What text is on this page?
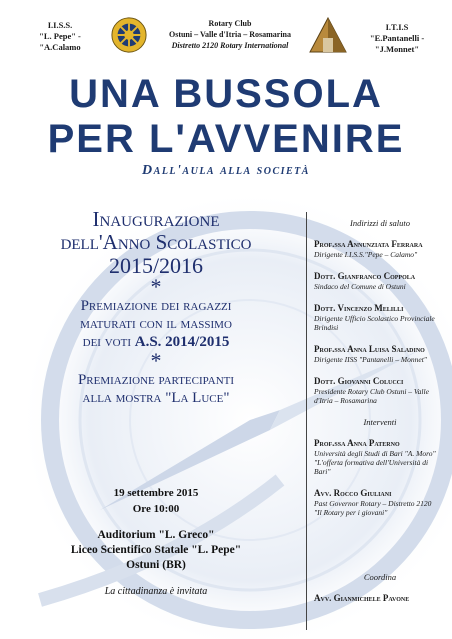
I.I.S.S.
"L. Pepe" -
"A.Calamo
Rotary Club
Ostuni – Valle d'Itria – Rosamarina
Distretto 2120 Rotary International
I.T.I.S
"E.Pantanelli -
"J.Monnet"
UNA BUSSOLA
PER L'AVVENIRE
Dall'aula alla società
Inaugurazione
dell'Anno Scolastico
2015/2016
*
Premiazione dei ragazzi
maturati con il massimo
dei voti A.S. 2014/2015
*
Premiazione partecipanti
alla mostra "La Luce"
19 settembre 2015
Ore 10:00
Auditorium "L. Greco"
Liceo Scientifico Statale "L. Pepe"
Ostuni (BR)
La cittadinanza è invitata
Indirizzi di saluto
Prof.ssa Annunziata Ferrara
Dirigente I.I.S.S."Pepe – Calamo"
Dott. Gianfranco Coppola
Sindaco del Comune di Ostuni
Dott. Vincenzo Melilli
Dirigente Ufficio Scolastico Provinciale Brindisi
Prof.ssa Anna Luisa Saladino
Dirigente IISS "Pantanelli – Monnet"
Dott. Giovanni Colucci
Presidente Rotary Club Ostuni – Valle d'Itria – Rosamarina
Interventi
Prof.ssa Anna Paterno
Università degli Studi di Bari "A. Moro"
"L'offerta formativa dell'Università di Bari"
Avv. Rocco Giuliani
Past Governor Rotary – Distretto 2120
"Il Rotary per i giovani"
Coordina
Avv. Gianmichele Pavone
